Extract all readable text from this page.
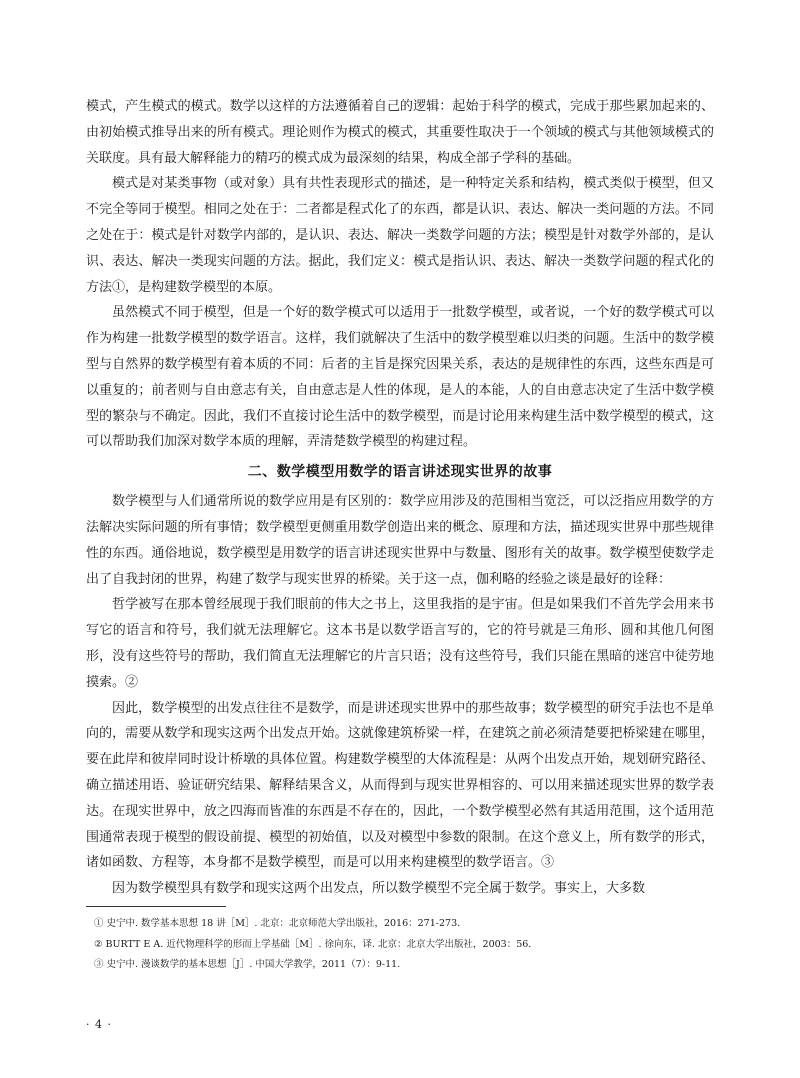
模式，产生模式的模式。数学以这样的方法遵循着自己的逻辑：起始于科学的模式，完成于那些累加起来的、由初始模式推导出来的所有模式。理论则作为模式的模式，其重要性取决于一个领域的模式与其他领域模式的关联度。具有最大解释能力的精巧的模式成为最深刻的结果，构成全部子学科的基础。

模式是对某类事物（或对象）具有共性表现形式的描述，是一种特定关系和结构，模式类似于模型，但又不完全等同于模型。相同之处在于：二者都是程式化了的东西，都是认识、表达、解决一类问题的方法。不同之处在于：模式是针对数学内部的，是认识、表达、解决一类数学问题的方法；模型是针对数学外部的，是认识、表达、解决一类现实问题的方法。据此，我们定义：模式是指认识、表达、解决一类数学问题的程式化的方法①，是构建数学模型的本原。

虽然模式不同于模型，但是一个好的数学模式可以适用于一批数学模型，或者说，一个好的数学模式可以作为构建一批数学模型的数学语言。这样，我们就解决了生活中的数学模型难以归类的问题。生活中的数学模型与自然界的数学模型有着本质的不同：后者的主旨是探究因果关系，表达的是规律性的东西，这些东西是可以重复的；前者则与自由意志有关，自由意志是人性的体现，是人的本能，人的自由意志决定了生活中数学模型的繁杂与不确定。因此，我们不直接讨论生活中的数学模型，而是讨论用来构建生活中数学模型的模式，这可以帮助我们加深对数学本质的理解，弄清楚数学模型的构建过程。

二、数学模型用数学的语言讲述现实世界的故事

数学模型与人们通常所说的数学应用是有区别的：数学应用涉及的范围相当宽泛，可以泛指应用数学的方法解决实际问题的所有事情；数学模型更侧重用数学创造出来的概念、原理和方法，描述现实世界中那些规律性的东西。通俗地说，数学模型是用数学的语言讲述现实世界中与数量、图形有关的故事。数学模型使数学走出了自我封闭的世界，构建了数学与现实世界的桥梁。关于这一点，伽利略的经验之谈是最好的诠释：

哲学被写在那本曾经展现于我们眼前的伟大之书上，这里我指的是宇宙。但是如果我们不首先学会用来书写它的语言和符号，我们就无法理解它。这本书是以数学语言写的，它的符号就是三角形、圆和其他几何图形，没有这些符号的帮助，我们简直无法理解它的片言只语；没有这些符号，我们只能在黑暗的迷宫中徒劳地摸索。②

因此，数学模型的出发点往往不是数学，而是讲述现实世界中的那些故事；数学模型的研究手法也不是单向的，需要从数学和现实这两个出发点开始。这就像建筑桥梁一样，在建筑之前必须清楚要把桥梁建在哪里，要在此岸和彼岸同时设计桥墩的具体位置。构建数学模型的大体流程是：从两个出发点开始，规划研究路径、确立描述用语、验证研究结果、解释结果含义，从而得到与现实世界相容的、可以用来描述现实世界的数学表达。在现实世界中，放之四海而皆准的东西是不存在的，因此，一个数学模型必然有其适用范围，这个适用范围通常表现于模型的假设前提、模型的初始值，以及对模型中参数的限制。在这个意义上，所有数学的形式，诸如函数、方程等，本身都不是数学模型，而是可以用来构建模型的数学语言。③

因为数学模型具有数学和现实这两个出发点，所以数学模型不完全属于数学。事实上，大多数

① 史宁中. 数学基本思想 18 讲［M］. 北京：北京师范大学出版社，2016：271-273.

② BURTT E A. 近代物理科学的形而上学基础［M］. 徐向东，译. 北京：北京大学出版社，2003：56.

③ 史宁中. 漫谈数学的基本思想［J］. 中国大学教学，2011（7）：9-11.

· 4 ·
